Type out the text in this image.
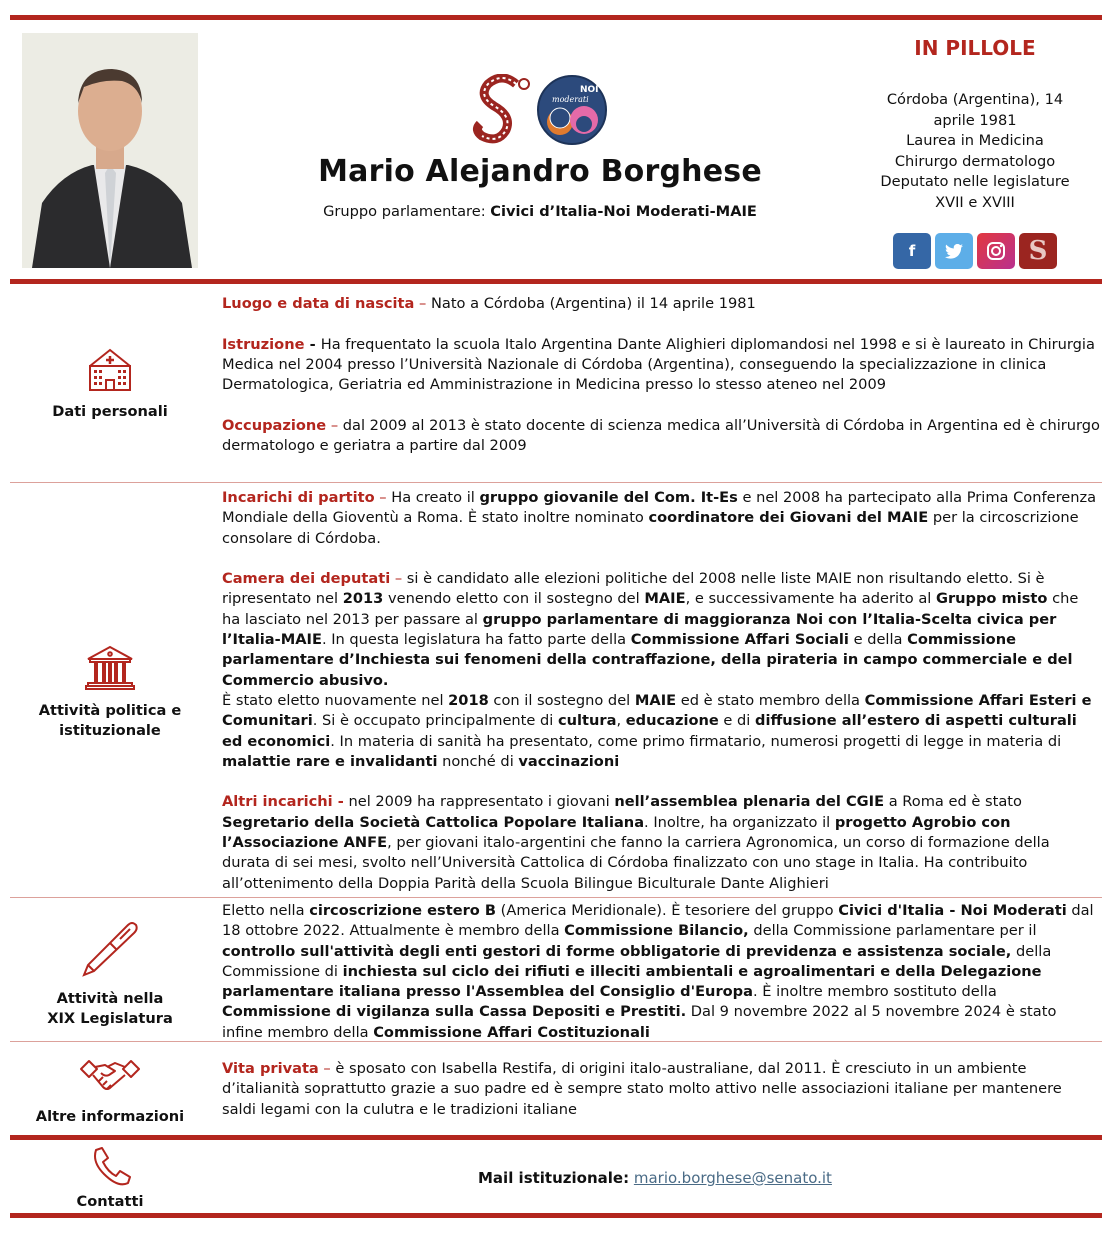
NOI
moderati
Mario Alejandro Borghese
Gruppo parlamentare: Civici d’Italia-Noi Moderati-MAIE
IN PILLOLE
Córdoba (Argentina), 14
aprile 1981
Laurea in Medicina
Chirurgo dermatologo
Deputato nelle legislature
XVII e XVIII
f	S
Dati personali

Luogo e data di nascita – Nato a Córdoba (Argentina) il 14 aprile 1981

Istruzione - Ha frequentato la scuola Italo Argentina Dante Alighieri diplomandosi nel 1998 e si è laureato in Chirurgia Medica nel 2004 presso l’Università Nazionale di Córdoba (Argentina), conseguendo la specializzazione in clinica Dermatologica, Geriatria ed Amministrazione in Medicina presso lo stesso ateneo nel 2009

Occupazione – dal 2009 al 2013 è stato docente di scienza medica all’Università di Córdoba in Argentina ed è chirurgo dermatologo e geriatra a partire dal 2009

Attività politica e
istituzionale

Incarichi di partito – Ha creato il gruppo giovanile del Com. It-Es e nel 2008 ha partecipato alla Prima Conferenza Mondiale della Gioventù a Roma. È stato inoltre nominato coordinatore dei Giovani del MAIE per la circoscrizione consolare di Córdoba.

Camera dei deputati – si è candidato alle elezioni politiche del 2008 nelle liste MAIE non risultando eletto. Si è ripresentato nel 2013 venendo eletto con il sostegno del MAIE, e successivamente ha aderito al Gruppo misto che ha lasciato nel 2013 per passare al gruppo parlamentare di maggioranza Noi con l’Italia-Scelta civica per l’Italia-MAIE. In questa legislatura ha fatto parte della Commissione Affari Sociali e della Commissione parlamentare d’Inchiesta sui fenomeni della contraffazione, della pirateria in campo commerciale e del Commercio abusivo.
È stato eletto nuovamente nel 2018 con il sostegno del MAIE ed è stato membro della Commissione Affari Esteri e Comunitari. Si è occupato principalmente di cultura, educazione e di diffusione all’estero di aspetti culturali ed economici. In materia di sanità ha presentato, come primo firmatario, numerosi progetti di legge in materia di malattie rare e invalidanti nonché di vaccinazioni

Altri incarichi - nel 2009 ha rappresentato i giovani nell’assemblea plenaria del CGIE a Roma ed è stato Segretario della Società Cattolica Popolare Italiana. Inoltre, ha organizzato il progetto Agrobio con l’Associazione ANFE, per giovani italo-argentini che fanno la carriera Agronomica, un corso di formazione della durata di sei mesi, svolto nell’Università Cattolica di Córdoba finalizzato con uno stage in Italia. Ha contribuito all’ottenimento della Doppia Parità della Scuola Bilingue Biculturale Dante Alighieri

Attività nella
XIX Legislatura

Eletto nella circoscrizione estero B (America Meridionale). È tesoriere del gruppo Civici d'Italia - Noi Moderati dal 18 ottobre 2022. Attualmente è membro della Commissione Bilancio, della Commissione parlamentare per il controllo sull'attività degli enti gestori di forme obbligatorie di previdenza e assistenza sociale, della Commissione di inchiesta sul ciclo dei rifiuti e illeciti ambientali e agroalimentari e della Delegazione parlamentare italiana presso l'Assemblea del Consiglio d'Europa. È inoltre membro sostituto della Commissione di vigilanza sulla Cassa Depositi e Prestiti. Dal 9 novembre 2022 al 5 novembre 2024 è stato infine membro della Commissione Affari Costituzionali

Altre informazioni

Vita privata – è sposato con Isabella Restifa, di origini italo-australiane, dal 2011. È cresciuto in un ambiente d’italianità soprattutto grazie a suo padre ed è sempre stato molto attivo nelle associazioni italiane per mantenere saldi legami con la culutra e le tradizioni italiane

Contatti
Mail istituzionale: mario.borghese@senato.it
